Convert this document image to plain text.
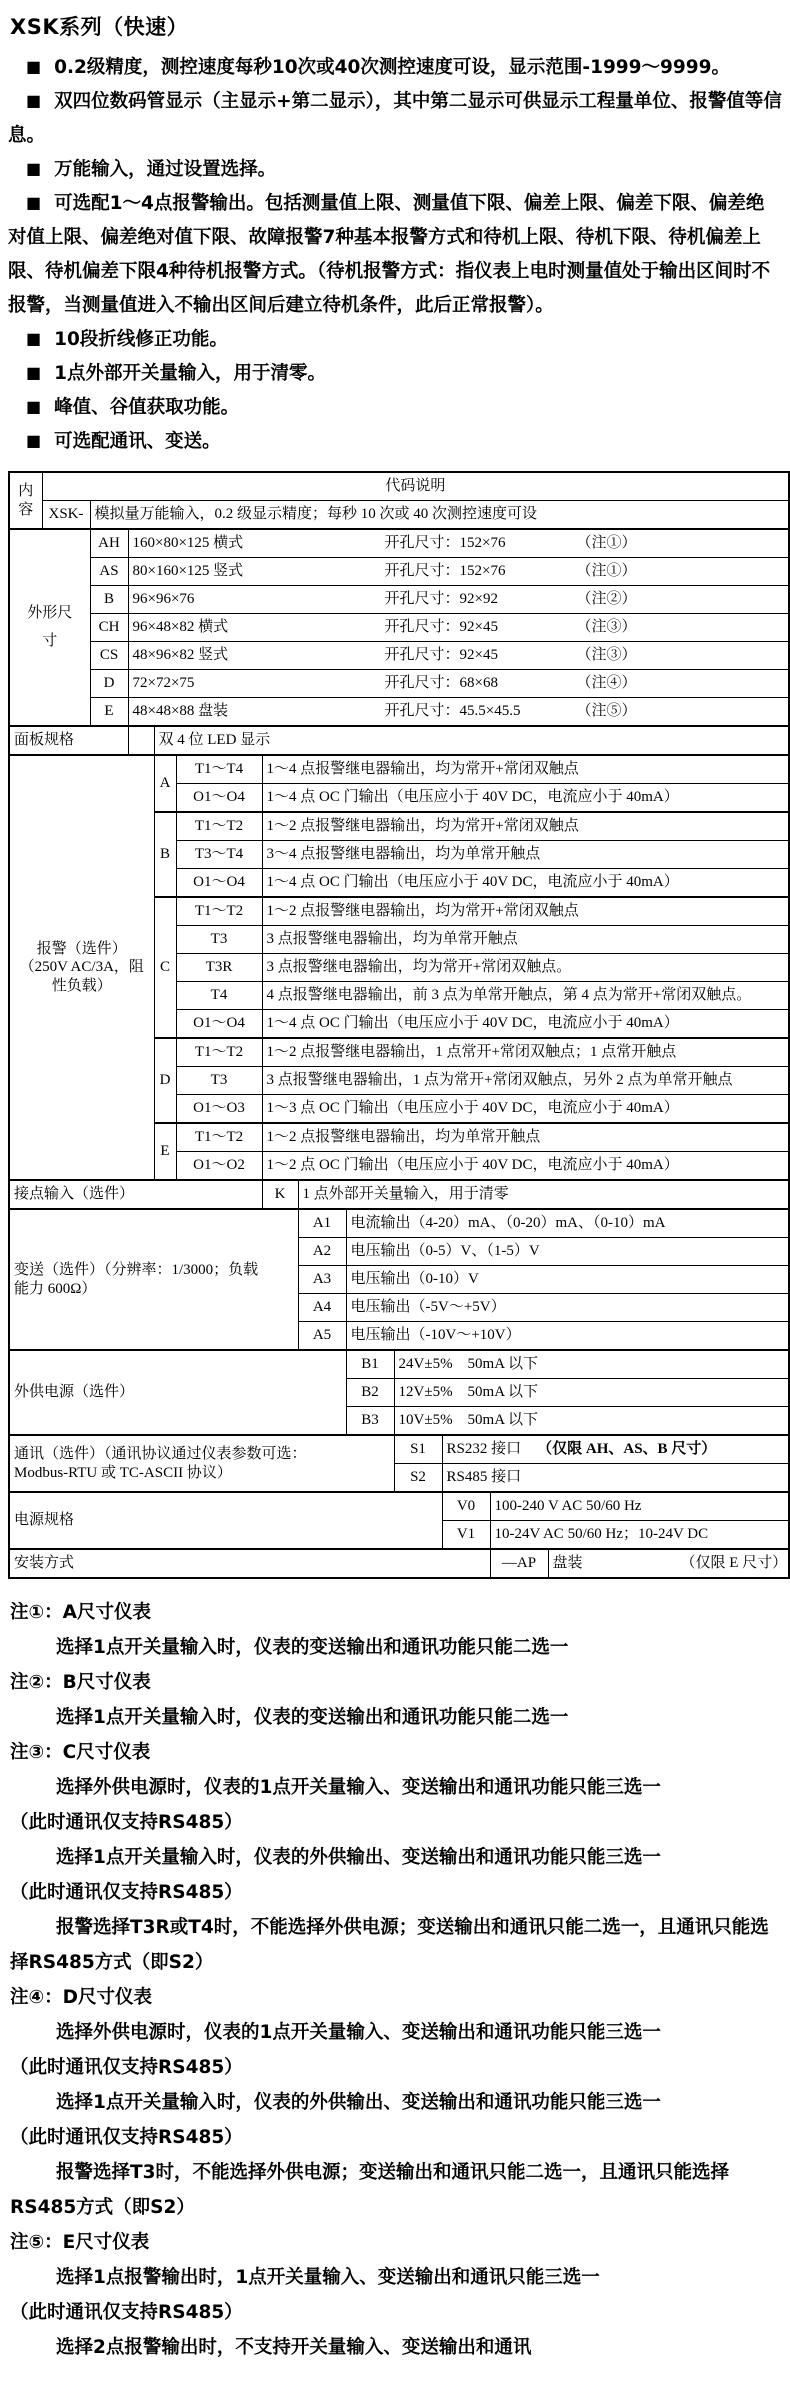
XSK系列（快速）

■ 0.2级精度，测控速度每秒10次或40次测控速度可设，显示范围-1999～9999。

■ 双四位数码管显示（主显示+第二显示），其中第二显示可供显示工程量单位、报警值等信息。

■ 万能输入，通过设置选择。

■ 可选配1～4点报警输出。包括测量值上限、测量值下限、偏差上限、偏差下限、偏差绝对值上限、偏差绝对值下限、故障报警7种基本报警方式和待机上限、待机下限、待机偏差上限、待机偏差下限4种待机报警方式。（待机报警方式：指仪表上电时测量值处于输出区间时不报警，当测量值进入不输出区间后建立待机条件，此后正常报警）。

■ 10段折线修正功能。

■ 1点外部开关量输入，用于清零。

■ 峰值、谷值获取功能。

■ 可选配通讯、变送。

内容	代码说明											
	XSK-	模拟量万能输入，0.2 级显示精度；每秒 10 次或 40 次测控速度可设										
外形尺寸		AH	160×80×125 横式 开孔尺寸：152×76 （注①）									

		AS	80×160×125 竖式 开孔尺寸：152×76 （注①）									

		B	96×96×76 开孔尺寸：92×92 （注②）									

		CH	96×48×82 横式 开孔尺寸：92×45 （注③）									

		CS	48×96×82 竖式 开孔尺寸：92×45 （注③）									

		D	72×72×75 开孔尺寸：68×68 （注④）									

		E	48×48×88 盘装 开孔尺寸：45.5×45.5 （注⑤）									

面板规格				双 4 位 LED 显示								

报警（选件）
（250V AC/3A，阻
性负载）				A	T1～T4	1～4 点报警继电器输出，均为常开+常闭双触点						
					O1～O4	1～4 点 OC 门输出（电压应小于 40V DC，电流应小于 40mA）						
				B	T1～T2	1～2 点报警继电器输出，均为常开+常闭双触点						
					T3～T4	3～4 点报警继电器输出，均为单常开触点						
					O1～O4	1～4 点 OC 门输出（电压应小于 40V DC，电流应小于 40mA）						
				C	T1～T2	1～2 点报警继电器输出，均为常开+常闭双触点						
					T3	3 点报警继电器输出，均为单常开触点						
					T3R	3 点报警继电器输出，均为常开+常闭双触点。						
					T4	4 点报警继电器输出，前 3 点为单常开触点，第 4 点为常开+常闭双触点。						
					O1～O4	1～4 点 OC 门输出（电压应小于 40V DC，电流应小于 40mA）						
				D	T1～T2	1～2 点报警继电器输出，1 点常开+常闭双触点；1 点常开触点						
					T3	3 点报警继电器输出，1 点为常开+常闭双触点，另外 2 点为单常开触点						
					O1～O3	1～3 点 OC 门输出（电压应小于 40V DC，电流应小于 40mA）						
				E	T1～T2	1～2 点报警继电器输出，均为单常开触点						
					O1～O2	1～2 点 OC 门输出（电压应小于 40V DC，电流应小于 40mA）						
接点输入（选件）						K	1 点外部开关量输入，用于清零					

变送（选件）（分辨率：1/3000；负载
能力 600Ω）							A1	电流输出（4-20）mA、（0-20）mA、（0-10）mA				
							A2	电压输出（0-5）V、（1-5）V				
							A3	电压输出（0-10）V				
							A4	电压输出（-5V～+5V）				
							A5	电压输出（-10V～+10V）				
外供电源（选件）								B1	24V±5%　50mA 以下			
								B2	12V±5%　50mA 以下			
								B3	10V±5%　50mA 以下			

通讯（选件）（通讯协议通过仪表参数可选：
Modbus-RTU 或 TC-ASCII 协议）									S1	RS232 接口 （仅限 AH、AS、B 尺寸）		
									S2	RS485 接口		
电源规格										V0	100-240 V AC 50/60 Hz	
										V1	10-24V AC 50/60 Hz；10-24V DC	
安装方式											—AP	盘装 （仅限 E 尺寸）

注①：A尺寸仪表

选择1点开关量输入时，仪表的变送输出和通讯功能只能二选一

注②：B尺寸仪表

选择1点开关量输入时，仪表的变送输出和通讯功能只能二选一

注③：C尺寸仪表

选择外供电源时，仪表的1点开关量输入、变送输出和通讯功能只能三选一

（此时通讯仅支持RS485）

选择1点开关量输入时，仪表的外供输出、变送输出和通讯功能只能三选一

（此时通讯仅支持RS485）

报警选择T3R或T4时，不能选择外供电源；变送输出和通讯只能二选一，且通讯只能选择RS485方式（即S2）

注④：D尺寸仪表

选择外供电源时，仪表的1点开关量输入、变送输出和通讯功能只能三选一

（此时通讯仅支持RS485）

选择1点开关量输入时，仪表的外供输出、变送输出和通讯功能只能三选一

（此时通讯仅支持RS485）

报警选择T3时，不能选择外供电源；变送输出和通讯只能二选一，且通讯只能选择RS485方式（即S2）

注⑤：E尺寸仪表

选择1点报警输出时，1点开关量输入、变送输出和通讯只能三选一

（此时通讯仅支持RS485）

选择2点报警输出时，不支持开关量输入、变送输出和通讯
